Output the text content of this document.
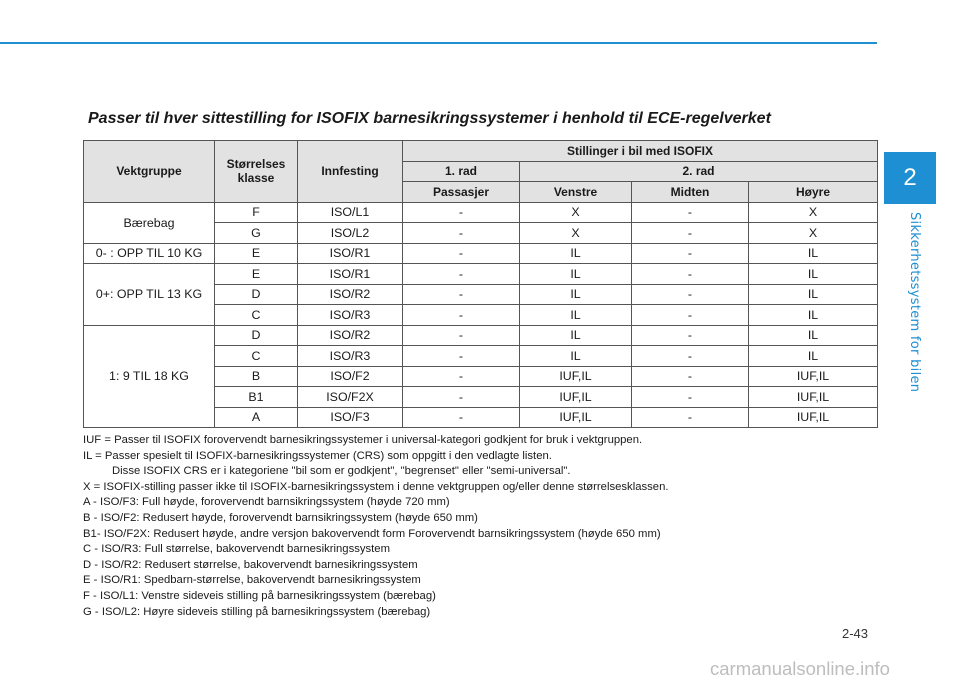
2
Sikkerhetssystem for bilen
Passer til hver sittestilling for ISOFIX barnesikringssystemer i henhold til ECE-regelverket
Vektgruppe	Størrelses klasse	Innfesting	Stillinger i bil med ISOFIX			
			1. rad	2. rad		
			Passasjer	Venstre	Midten	Høyre
Bærebag	F	ISO/L1	-	X	-	X
	G	ISO/L2	-	X	-	X
0- : OPP TIL 10 KG	E	ISO/R1	-	IL	-	IL
0+: OPP TIL 13 KG	E	ISO/R1	-	IL	-	IL
	D	ISO/R2	-	IL	-	IL
	C	ISO/R3	-	IL	-	IL
1: 9 TIL 18 KG	D	ISO/R2	-	IL	-	IL
	C	ISO/R3	-	IL	-	IL
	B	ISO/F2	-	IUF,IL	-	IUF,IL
	B1	ISO/F2X	-	IUF,IL	-	IUF,IL
	A	ISO/F3	-	IUF,IL	-	IUF,IL
IUF = Passer til ISOFIX forovervendt barnesikringssystemer i universal-kategori godkjent for bruk i vektgruppen.
IL = Passer spesielt til ISOFIX-barnesikringssystemer (CRS) som oppgitt i den vedlagte listen.
Disse ISOFIX CRS er i kategoriene "bil som er godkjent", "begrenset" eller "semi-universal".
X = ISOFIX-stilling passer ikke til ISOFIX-barnesikringssystem i denne vektgruppen og/eller denne størrelsesklassen.
A - ISO/F3: Full høyde, forovervendt barnsikringssystem (høyde 720 mm)
B - ISO/F2: Redusert høyde, forovervendt barnsikringssystem (høyde 650 mm)
B1- ISO/F2X: Redusert høyde, andre versjon bakovervendt form Forovervendt barnsikringssystem (høyde 650 mm)
C - ISO/R3: Full størrelse, bakovervendt barnesikringssystem
D - ISO/R2: Redusert størrelse, bakovervendt barnesikringssystem
E - ISO/R1: Spedbarn-størrelse, bakovervendt barnesikringssystem
F - ISO/L1: Venstre sideveis stilling på barnesikringssystem (bærebag)
G - ISO/L2: Høyre sideveis stilling på barnesikringssystem (bærebag)
2-43
carmanualsonline.info
